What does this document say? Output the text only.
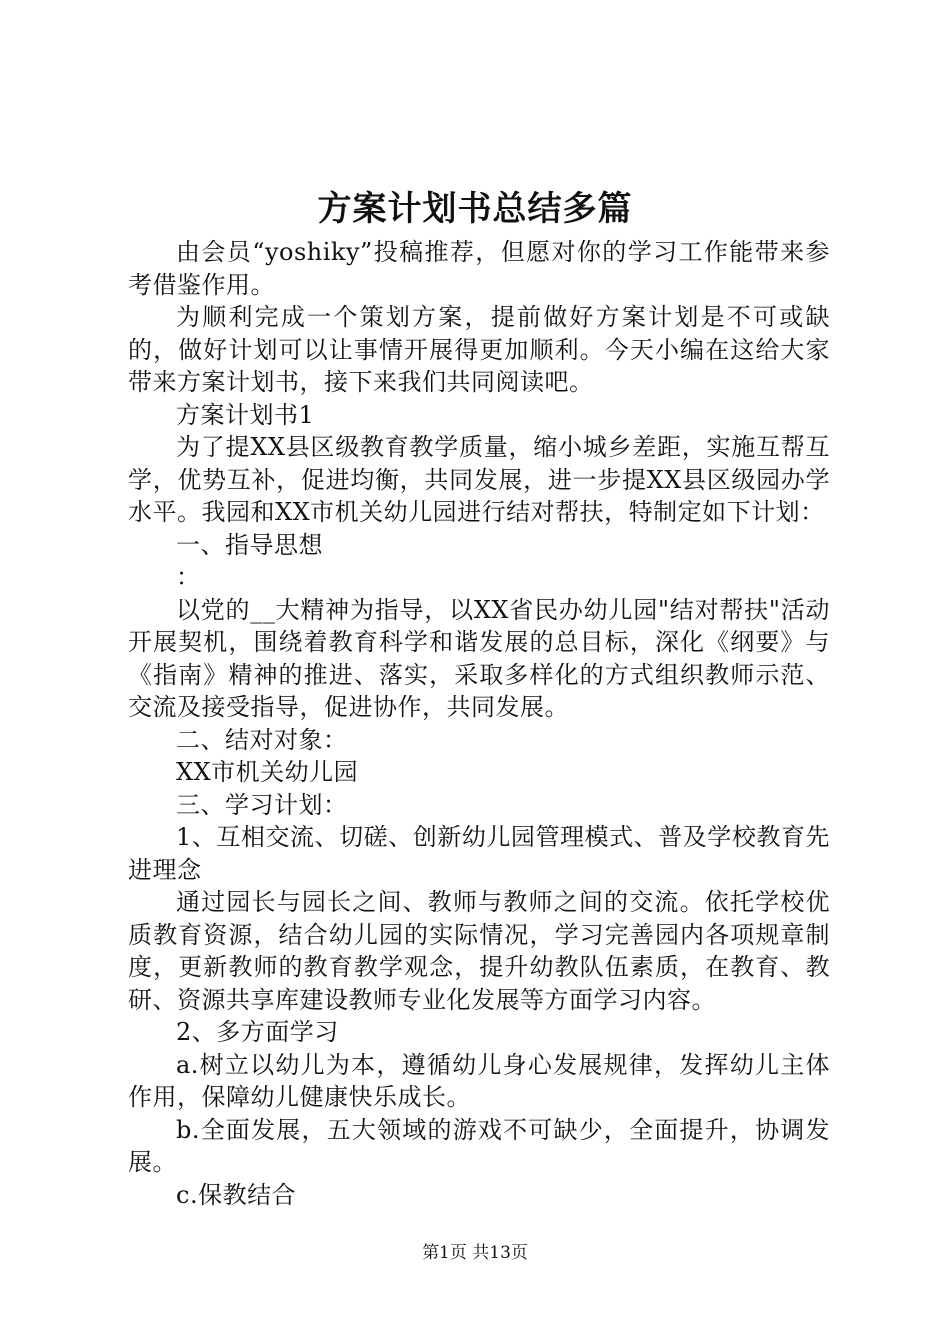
方案计划书总结多篇

由会员“yoshiky”投稿推荐，但愿对你的学习工作能带来参考借鉴作用。

为顺利完成一个策划方案，提前做好方案计划是不可或缺的，做好计划可以让事情开展得更加顺利。今天小编在这给大家带来方案计划书，接下来我们共同阅读吧。

方案计划书1

为了提XX县区级教育教学质量，缩小城乡差距，实施互帮互学，优势互补，促进均衡，共同发展，进一步提XX县区级园办学水平。我园和XX市机关幼儿园进行结对帮扶，特制定如下计划：

一、指导思想

：

以党的__大精神为指导，以XX省民办幼儿园"结对帮扶"活动开展契机，围绕着教育科学和谐发展的总目标，深化《纲要》与《指南》精神的推进、落实，采取多样化的方式组织教师示范、交流及接受指导，促进协作，共同发展。

二、结对对象：

XX市机关幼儿园

三、学习计划：

1、互相交流、切磋、创新幼儿园管理模式、普及学校教育先进理念

通过园长与园长之间、教师与教师之间的交流。依托学校优质教育资源，结合幼儿园的实际情况，学习完善园内各项规章制度，更新教师的教育教学观念，提升幼教队伍素质，在教育、教研、资源共享库建设教师专业化发展等方面学习内容。

2、多方面学习

a.树立以幼儿为本，遵循幼儿身心发展规律，发挥幼儿主体作用，保障幼儿健康快乐成长。

b.全面发展，五大领域的游戏不可缺少，全面提升，协调发展。

c.保教结合

第1页 共13页
